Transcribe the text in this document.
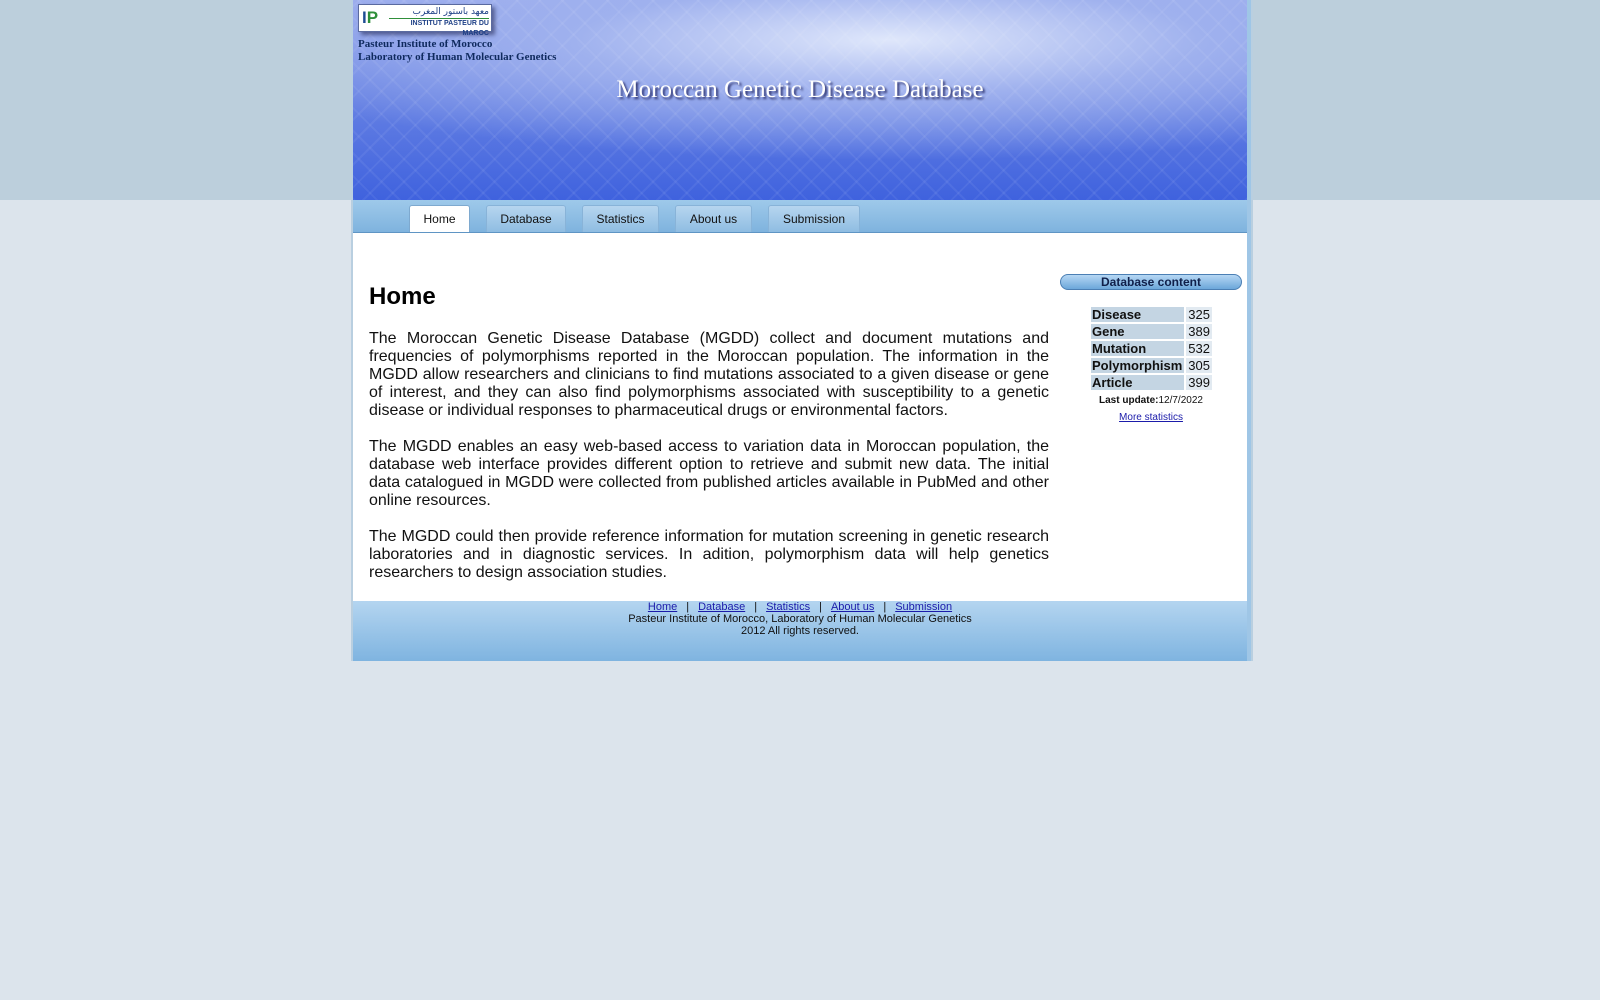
IP	معهد باستور المغرب
INSTITUT PASTEUR DU MAROC
Pasteur Institute of Morocco
Laboratory of Human Molecular Genetics
Moroccan Genetic Disease Database
Home	Database	Statistics	About us	Submission
Home

The Moroccan Genetic Disease Database (MGDD) collect and document mutations and frequencies of polymorphisms reported in the Moroccan population. The information in the MGDD allow researchers and clinicians to find mutations associated to a given disease or gene of interest, and they can also find polymorphisms associated with susceptibility to a genetic disease or individual responses to pharmaceutical drugs or environmental factors.

The MGDD enables an easy web-based access to variation data in Moroccan population, the database web interface provides different option to retrieve and submit new data. The initial data catalogued in MGDD were collected from published articles available in PubMed and other online resources.

The MGDD could then provide reference information for mutation screening in genetic research laboratories and in diagnostic services. In adition, polymorphism data will help genetics researchers to design association studies.

Database content
Disease	325
Gene	389
Mutation	532
Polymorphism	305
Article	399
Last update:12/7/2022
More statistics
Home | Database | Statistics | About us | Submission
Pasteur Institute of Morocco, Laboratory of Human Molecular Genetics
2012 All rights reserved.
